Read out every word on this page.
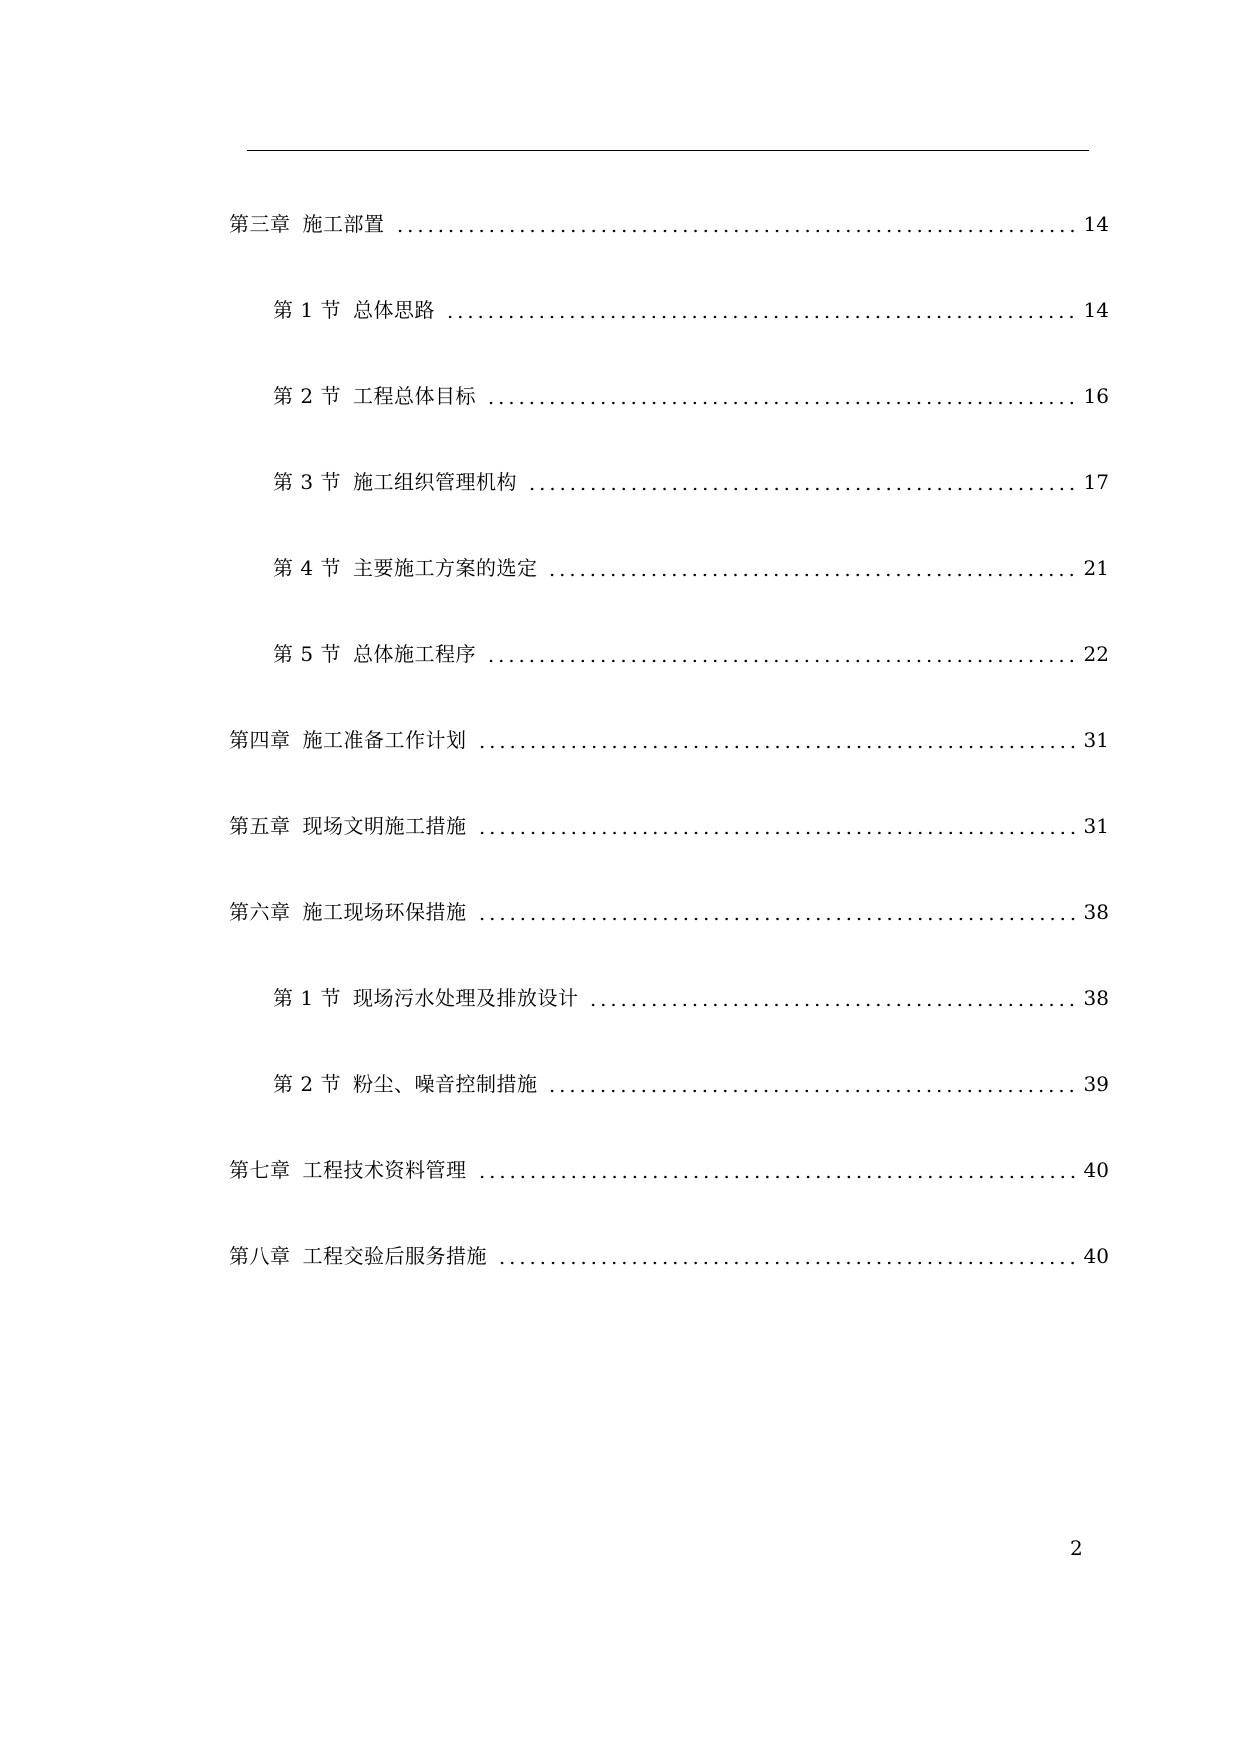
第三章 施工部置	14
第 1 节 总体思路	14
第 2 节 工程总体目标	16
第 3 节 施工组织管理机构	17
第 4 节 主要施工方案的选定	21
第 5 节 总体施工程序	22
第四章 施工准备工作计划	31
第五章 现场文明施工措施	31
第六章 施工现场环保措施	38
第 1 节 现场污水处理及排放设计	38
第 2 节 粉尘、噪音控制措施	39
第七章 工程技术资料管理	40
第八章 工程交验后服务措施	40
2
